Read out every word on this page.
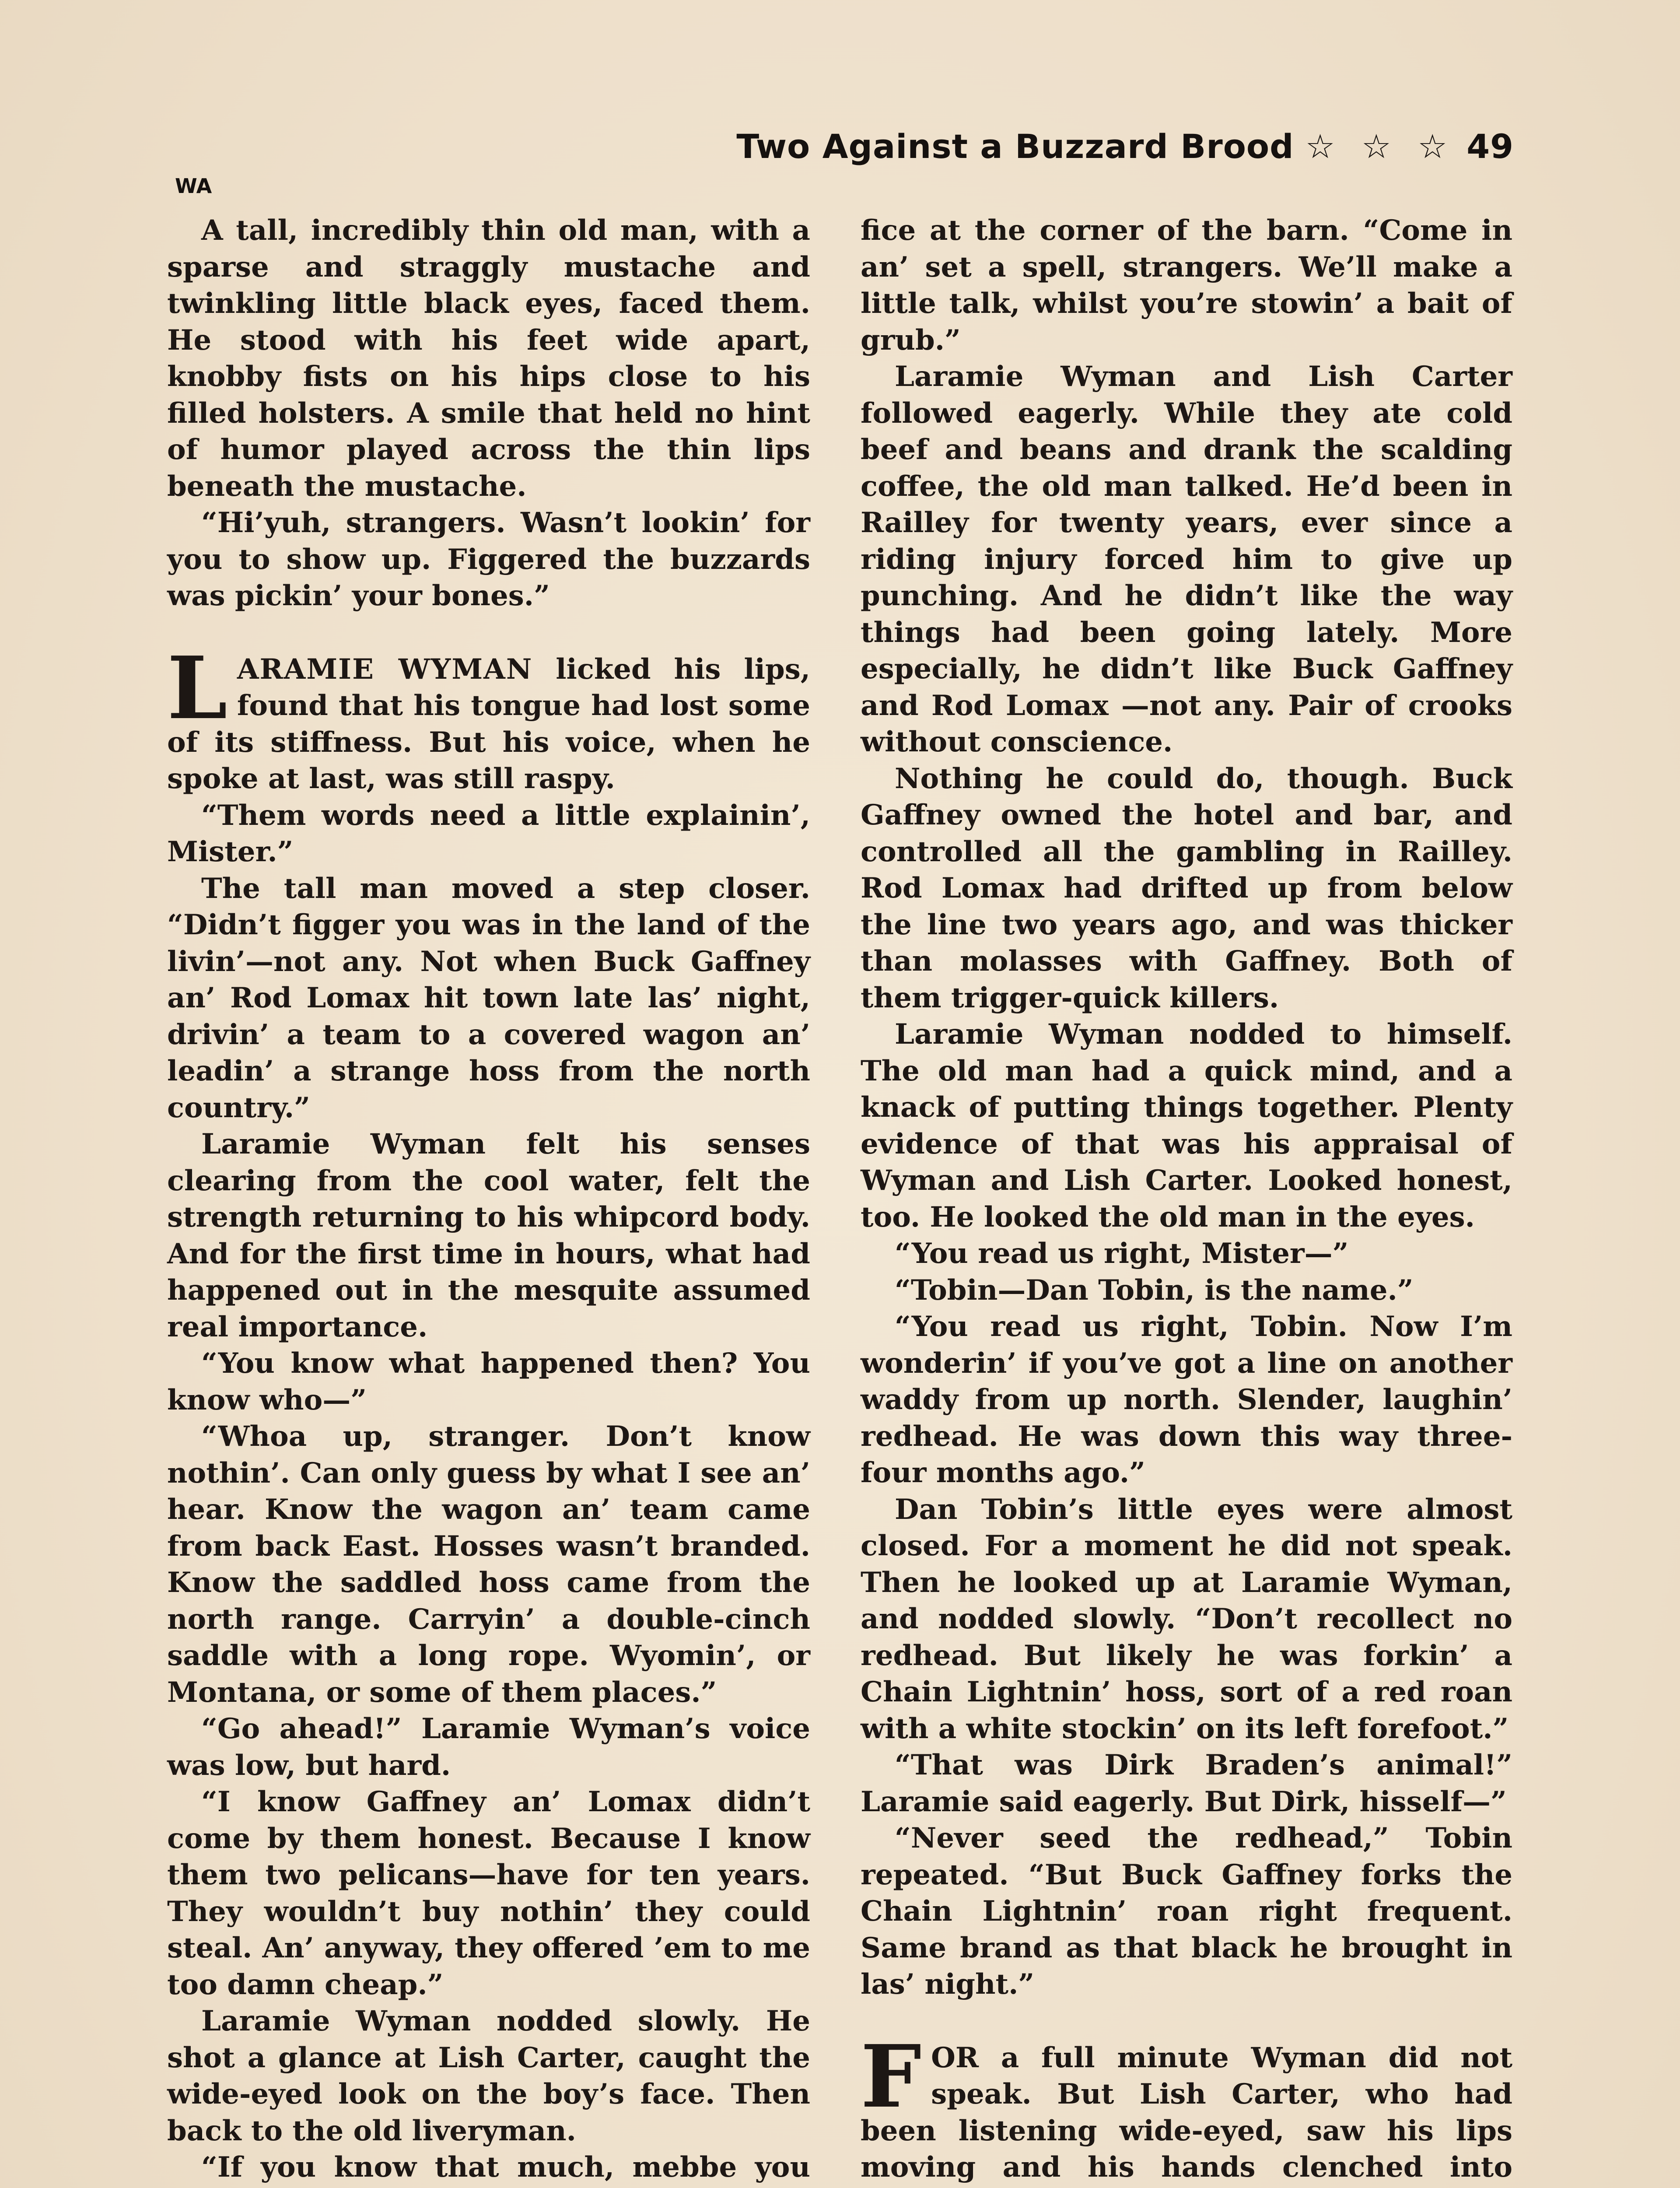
Two Against a Buzzard Brood ☆ ☆ ☆ 49
WA

A tall, incredibly thin old man, with a sparse and straggly mustache and twinkling little black eyes, faced them. He stood with his feet wide apart, knobby fists on his hips close to his filled holsters. A smile that held no hint of humor played across the thin lips beneath the mustache.

“Hi’yuh, strangers. Wasn’t lookin’ for you to show up. Figgered the buzzards was pickin’ your bones.”

LARAMIE WYMAN licked his lips, found that his tongue had lost some of its stiffness. But his voice, when he spoke at last, was still raspy.

“Them words need a little explainin’, Mister.”

The tall man moved a step closer. “Didn’t figger you was in the land of the livin’—not any. Not when Buck Gaffney an’ Rod Lomax hit town late las’ night, drivin’ a team to a covered wagon an’ leadin’ a strange hoss from the north country.”

Laramie Wyman felt his senses clearing from the cool water, felt the strength returning to his whipcord body. And for the first time in hours, what had happened out in the mesquite assumed real importance.

“You know what happened then? You know who—”

“Whoa up, stranger. Don’t know nothin’. Can only guess by what I see an’ hear. Know the wagon an’ team came from back East. Hosses wasn’t branded. Know the saddled hoss came from the north range. Carryin’ a double-cinch saddle with a long rope. Wyomin’, or Montana, or some of them places.”

“Go ahead!” Laramie Wyman’s voice was low, but hard.

“I know Gaffney an’ Lomax didn’t come by them honest. Because I know them two pelicans—have for ten years. They wouldn’t buy nothin’ they could steal. An’ anyway, they offered ’em to me too damn cheap.”

Laramie Wyman nodded slowly. He shot a glance at Lish Carter, caught the wide-eyed look on the boy’s face. Then back to the old liveryman.

“If you know that much, mebbe you

fice at the corner of the barn. “Come in an’ set a spell, strangers. We’ll make a little talk, whilst you’re stowin’ a bait of grub.”

Laramie Wyman and Lish Carter followed eagerly. While they ate cold beef and beans and drank the scalding coffee, the old man talked. He’d been in Railley for twenty years, ever since a riding injury forced him to give up punching. And he didn’t like the way things had been going lately. More especially, he didn’t like Buck Gaffney and Rod Lomax —not any. Pair of crooks without conscience.

Nothing he could do, though. Buck Gaffney owned the hotel and bar, and controlled all the gambling in Railley. Rod Lomax had drifted up from below the line two years ago, and was thicker than molasses with Gaffney. Both of them trigger-quick killers.

Laramie Wyman nodded to himself. The old man had a quick mind, and a knack of putting things together. Plenty evidence of that was his appraisal of Wyman and Lish Carter. Looked honest, too. He looked the old man in the eyes.

“You read us right, Mister—”

“Tobin—Dan Tobin, is the name.”

“You read us right, Tobin. Now I’m wonderin’ if you’ve got a line on another waddy from up north. Slender, laughin’ redhead. He was down this way three-four months ago.”

Dan Tobin’s little eyes were almost closed. For a moment he did not speak. Then he looked up at Laramie Wyman, and nodded slowly. “Don’t recollect no redhead. But likely he was forkin’ a Chain Lightnin’ hoss, sort of a red roan with a white stockin’ on its left forefoot.”

“That was Dirk Braden’s animal!” Laramie said eagerly. But Dirk, hisself—”

“Never seed the redhead,” Tobin repeated. “But Buck Gaffney forks the Chain Lightnin’ roan right frequent. Same brand as that black he brought in las’ night.”

FOR a full minute Wyman did not speak. But Lish Carter, who had been listening wide-eyed, saw his lips moving and his hands clenched into
